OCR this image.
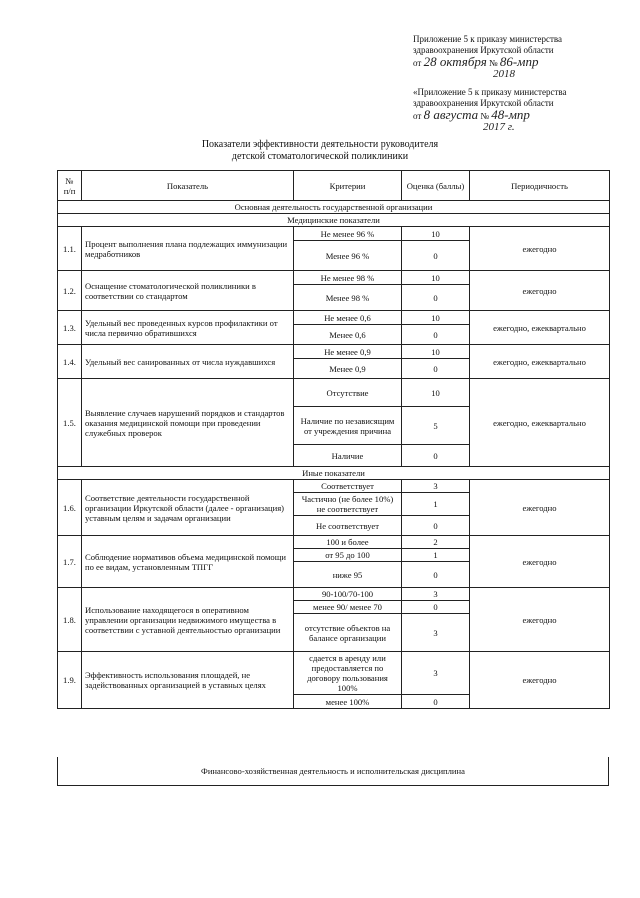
Приложение 5 к приказу министерства
здравоохранения Иркутской области
от 28 октября № 86-мпр
2018
«Приложение 5 к приказу министерства
здравоохранения Иркутской области
от 8 августа № 48-мпр
2017 г.
Показатели эффективности деятельности руководителя
детской стоматологической поликлиники
№ п/п	Показатель	Критерии	Оценка (баллы)	Периодичность
Основная деятельность государственной организации				
Медицинские показатели				
1.1.	Процент выполнения плана подлежащих иммунизации медработников	Не менее 96 %	10	ежегодно
		Менее 96 %	0	
1.2.	Оснащение стоматологической поликлиники в соответствии со стандартом	Не менее 98 %	10	ежегодно
		Менее 98 %	0	
1.3.	Удельный вес проведенных курсов профилактики от числа первично обратившихся	Не менее 0,6	10	ежегодно, ежеквартально
		Менее 0,6	0	
1.4.	Удельный вес санированных от числа нуждавшихся	Не менее 0,9	10	ежегодно, ежеквартально
		Менее 0,9	0	
1.5.	Выявление случаев нарушений порядков и стандартов оказания медицинской помощи при проведении служебных проверок	Отсутствие	10	ежегодно, ежеквартально
		Наличие по независящим от учреждения причина	5	
		Наличие	0	
Иные показатели				
1.6.	Соответствие деятельности государственной организации Иркутской области (далее - организация) уставным целям и задачам организации	Соответствует	3	ежегодно
		Частично (не более 10%) не соответствует	1	
		Не соответствует	0	
1.7.	Соблюдение нормативов объема медицинской помощи по ее видам, установленным ТПГГ	100 и более	2	ежегодно
		от 95 до 100	1	
		ниже 95	0	
1.8.	Использование находящегося в оперативном управлении организации недвижимого имущества в соответствии с уставной деятельностью организации	90-100/70-100	3	ежегодно
		менее 90/ менее 70	0	
		отсутствие объектов на балансе организации	3	
1.9.	Эффективность использования площадей, не задействованных организацией в уставных целях	сдается в аренду или предоставляется по договору пользования 100%	3	ежегодно
		менее 100%	0	
Финансово-хозяйственная деятельность и исполнительская дисциплина
